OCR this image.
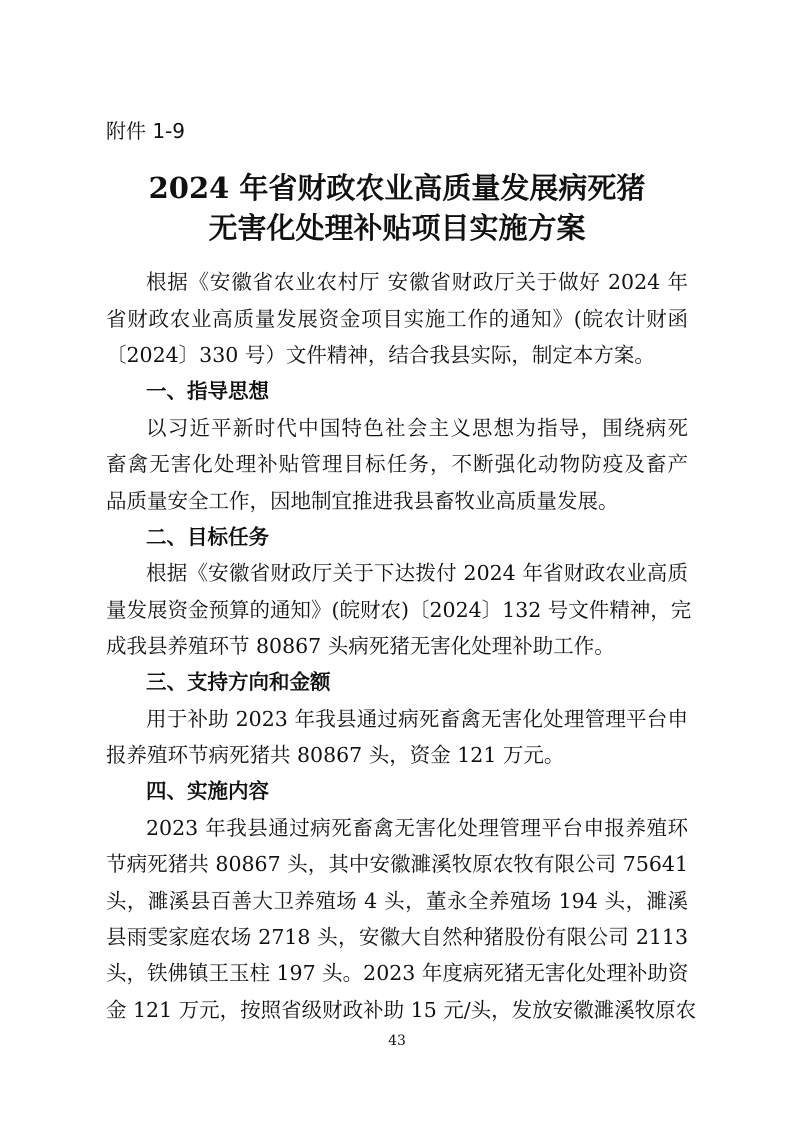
附件 1-9
2024 年省财政农业高质量发展病死猪
无害化处理补贴项目实施方案
根据《安徽省农业农村厅 安徽省财政厅关于做好 2024 年
省财政农业高质量发展资金项目实施工作的通知》(皖农计财函
〔2024〕330 号）文件精神，结合我县实际，制定本方案。
一、指导思想
以习近平新时代中国特色社会主义思想为指导，围绕病死
畜禽无害化处理补贴管理目标任务，不断强化动物防疫及畜产
品质量安全工作，因地制宜推进我县畜牧业高质量发展。
二、目标任务
根据《安徽省财政厅关于下达拨付 2024 年省财政农业高质
量发展资金预算的通知》(皖财农)〔2024〕132 号文件精神，完
成我县养殖环节 80867 头病死猪无害化处理补助工作。
三、支持方向和金额
用于补助 2023 年我县通过病死畜禽无害化处理管理平台申
报养殖环节病死猪共 80867 头，资金 121 万元。
四、实施内容
2023 年我县通过病死畜禽无害化处理管理平台申报养殖环
节病死猪共 80867 头，其中安徽濉溪牧原农牧有限公司 75641
头，濉溪县百善大卫养殖场 4 头，董永全养殖场 194 头，濉溪
县雨雯家庭农场 2718 头，安徽大自然种猪股份有限公司 2113
头，铁佛镇王玉柱 197 头。2023 年度病死猪无害化处理补助资
金 121 万元，按照省级财政补助 15 元/头，发放安徽濉溪牧原农
43
